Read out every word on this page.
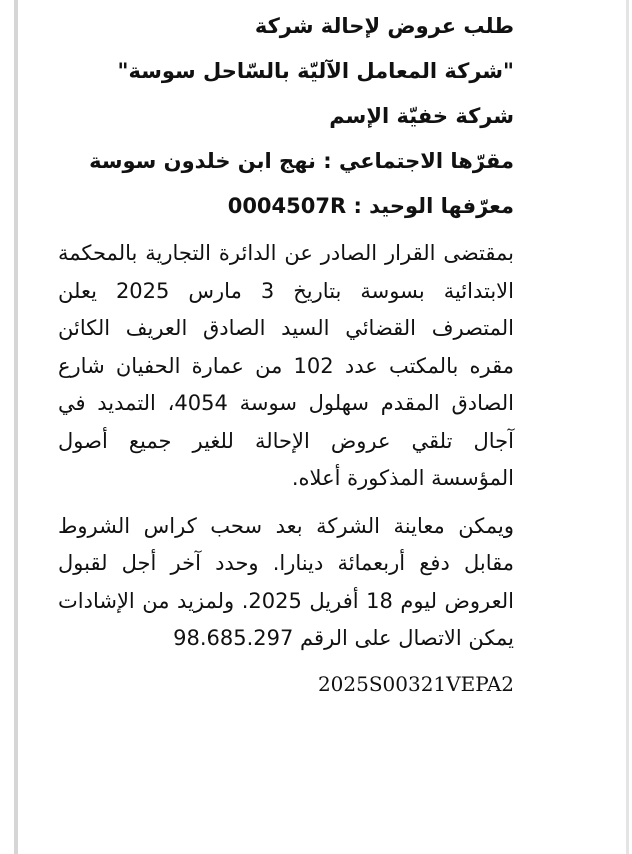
طلب عروض لإحالة شركة
"شركة المعامل الآليّة بالسّاحل سوسة"
شركة خفيّة الإسم
مقرّها الاجتماعي : نهج ابن خلدون سوسة
معرّفها الوحيد : 0004507R

بمقتضى القرار الصادر عن الدائرة التجارية بالمحكمة الابتدائية بسوسة بتاريخ 3 مارس 2025 يعلن المتصرف القضائي السيد الصادق العريف الكائن مقره بالمكتب عدد 102 من عمارة الحفيان شارع الصادق المقدم سهلول سوسة 4054، التمديد في آجال تلقي عروض الإحالة للغير جميع أصول المؤسسة المذكورة أعلاه.

ويمكن معاينة الشركة بعد سحب كراس الشروط مقابل دفع أربعمائة دينارا. وحدد آخر أجل لقبول العروض ليوم 18 أفريل 2025. ولمزيد من الإشادات يمكن الاتصال على الرقم 98.685.297

2025S00321VEPA2
